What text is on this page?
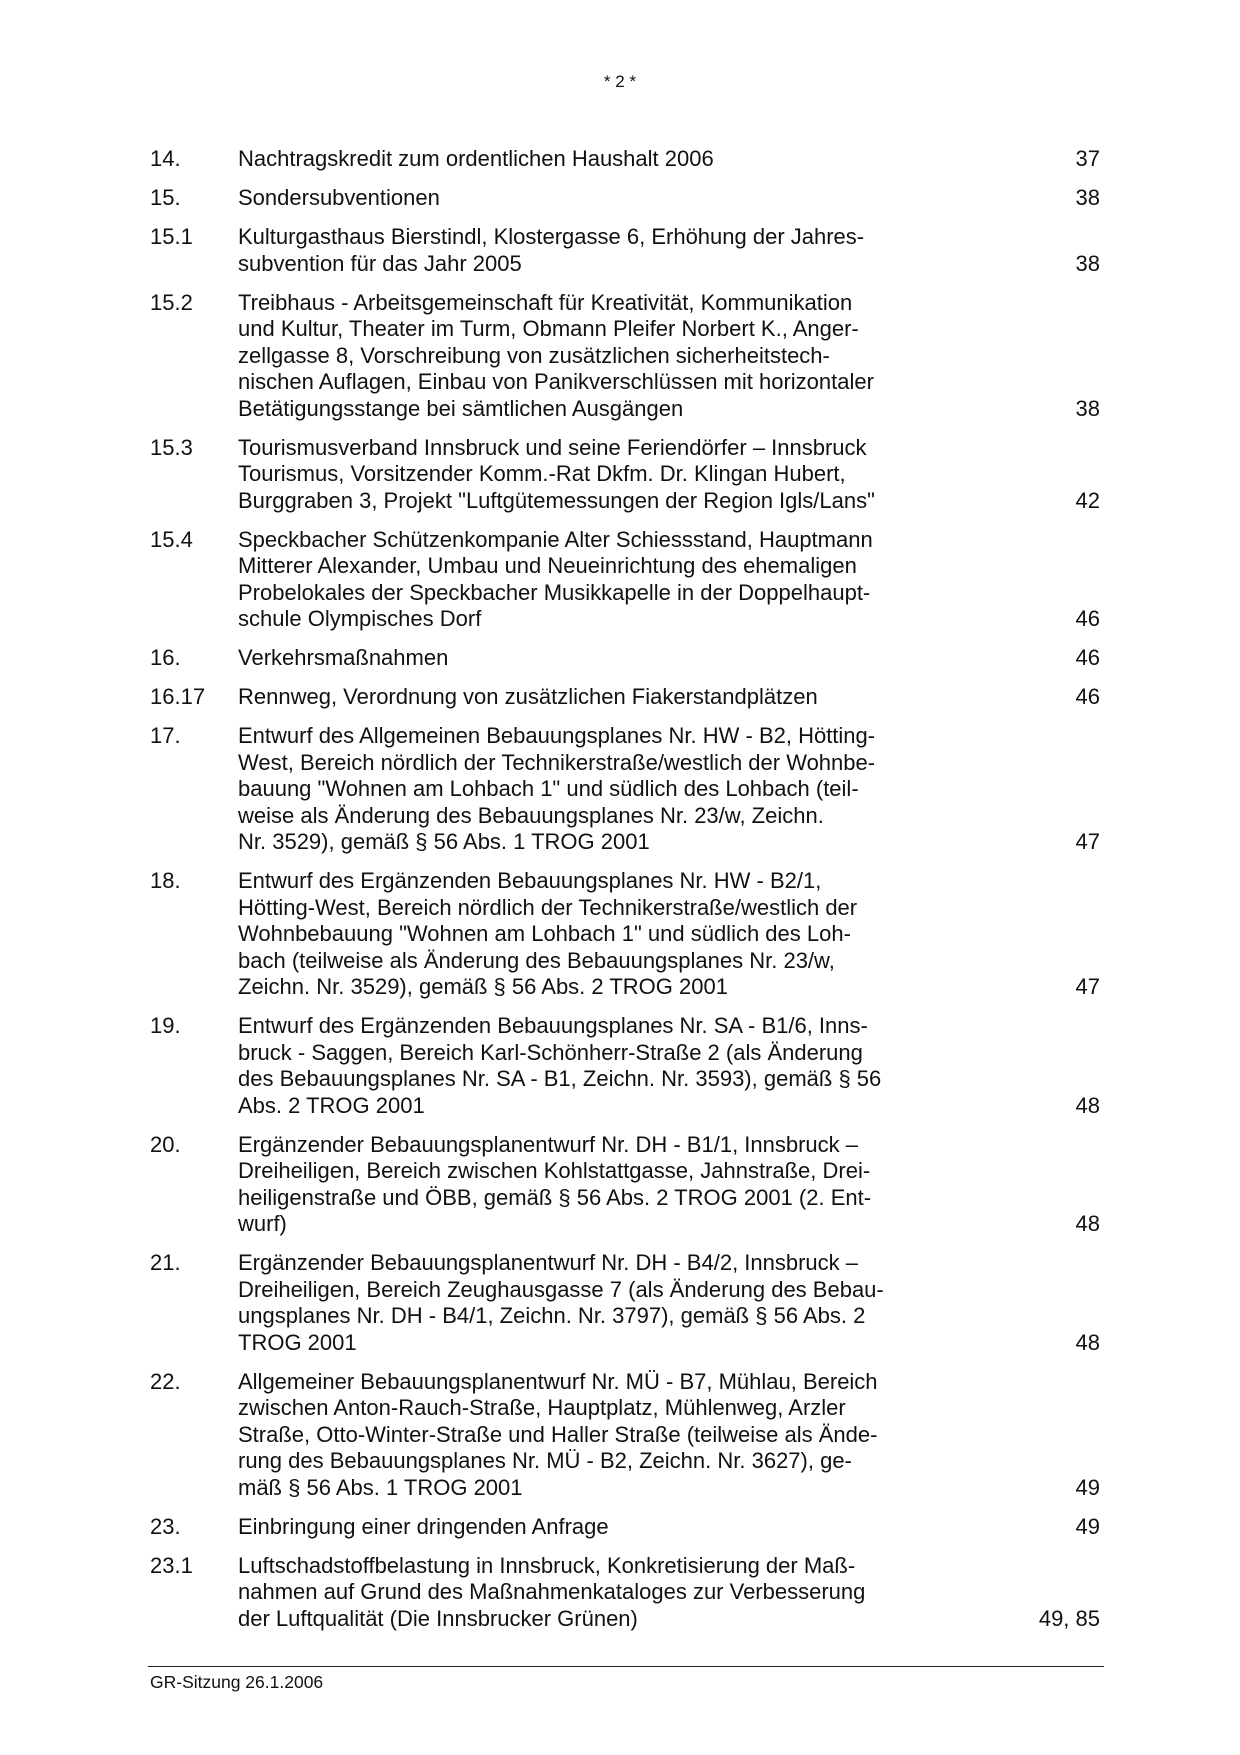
* 2 *
14.	Nachtragskredit zum ordentlichen Haushalt 2006	37
15.	Sondersubventionen	38
15.1	Kulturgasthaus Bierstindl, Klostergasse 6, Erhöhung der Jahres-
subvention für das Jahr 2005	38
15.2	Treibhaus - Arbeitsgemeinschaft für Kreativität, Kommunikation
und Kultur, Theater im Turm, Obmann Pleifer Norbert K., Anger-
zellgasse 8, Vorschreibung von zusätzlichen sicherheitstech-
nischen Auflagen, Einbau von Panikverschlüssen mit horizontaler
Betätigungsstange bei sämtlichen Ausgängen	38
15.3	Tourismusverband Innsbruck und seine Feriendörfer – Innsbruck
Tourismus, Vorsitzender Komm.-Rat Dkfm. Dr. Klingan Hubert,
Burggraben 3, Projekt "Luftgütemessungen der Region Igls/Lans"	42
15.4	Speckbacher Schützenkompanie Alter Schiessstand, Hauptmann
Mitterer Alexander, Umbau und Neueinrichtung des ehemaligen
Probelokales der Speckbacher Musikkapelle in der Doppelhaupt-
schule Olympisches Dorf	46
16.	Verkehrsmaßnahmen	46
16.17	Rennweg, Verordnung von zusätzlichen Fiakerstandplätzen	46
17.	Entwurf des Allgemeinen Bebauungsplanes Nr. HW - B2, Hötting-
West, Bereich nördlich der Technikerstraße/westlich der Wohnbe-
bauung "Wohnen am Lohbach 1" und südlich des Lohbach (teil-
weise als Änderung des Bebauungsplanes Nr. 23/w, Zeichn.
Nr. 3529), gemäß § 56 Abs. 1 TROG 2001	47
18.	Entwurf des Ergänzenden Bebauungsplanes Nr. HW - B2/1,
Hötting-West, Bereich nördlich der Technikerstraße/westlich der
Wohnbebauung "Wohnen am Lohbach 1" und südlich des Loh-
bach (teilweise als Änderung des Bebauungsplanes Nr. 23/w,
Zeichn. Nr. 3529), gemäß § 56 Abs. 2 TROG 2001	47
19.	Entwurf des Ergänzenden Bebauungsplanes Nr. SA - B1/6, Inns-
bruck - Saggen, Bereich Karl-Schönherr-Straße 2 (als Änderung
des Bebauungsplanes Nr. SA - B1, Zeichn. Nr. 3593), gemäß § 56
Abs. 2 TROG 2001	48
20.	Ergänzender Bebauungsplanentwurf Nr. DH - B1/1, Innsbruck –
Dreiheiligen, Bereich zwischen Kohlstattgasse, Jahnstraße, Drei-
heiligenstraße und ÖBB, gemäß § 56 Abs. 2 TROG 2001 (2. Ent-
wurf)	48
21.	Ergänzender Bebauungsplanentwurf Nr. DH - B4/2, Innsbruck –
Dreiheiligen, Bereich Zeughausgasse 7 (als Änderung des Bebau-
ungsplanes Nr. DH - B4/1, Zeichn. Nr. 3797), gemäß § 56 Abs. 2
TROG 2001	48
22.	Allgemeiner Bebauungsplanentwurf Nr. MÜ - B7, Mühlau, Bereich
zwischen Anton-Rauch-Straße, Hauptplatz, Mühlenweg, Arzler
Straße, Otto-Winter-Straße und Haller Straße (teilweise als Ände-
rung des Bebauungsplanes Nr. MÜ - B2, Zeichn. Nr. 3627), ge-
mäß § 56 Abs. 1 TROG 2001	49
23.	Einbringung einer dringenden Anfrage	49
23.1	Luftschadstoffbelastung in Innsbruck, Konkretisierung der Maß-
nahmen auf Grund des Maßnahmenkataloges zur Verbesserung
der Luftqualität (Die Innsbrucker Grünen)	49, 85
GR-Sitzung 26.1.2006
